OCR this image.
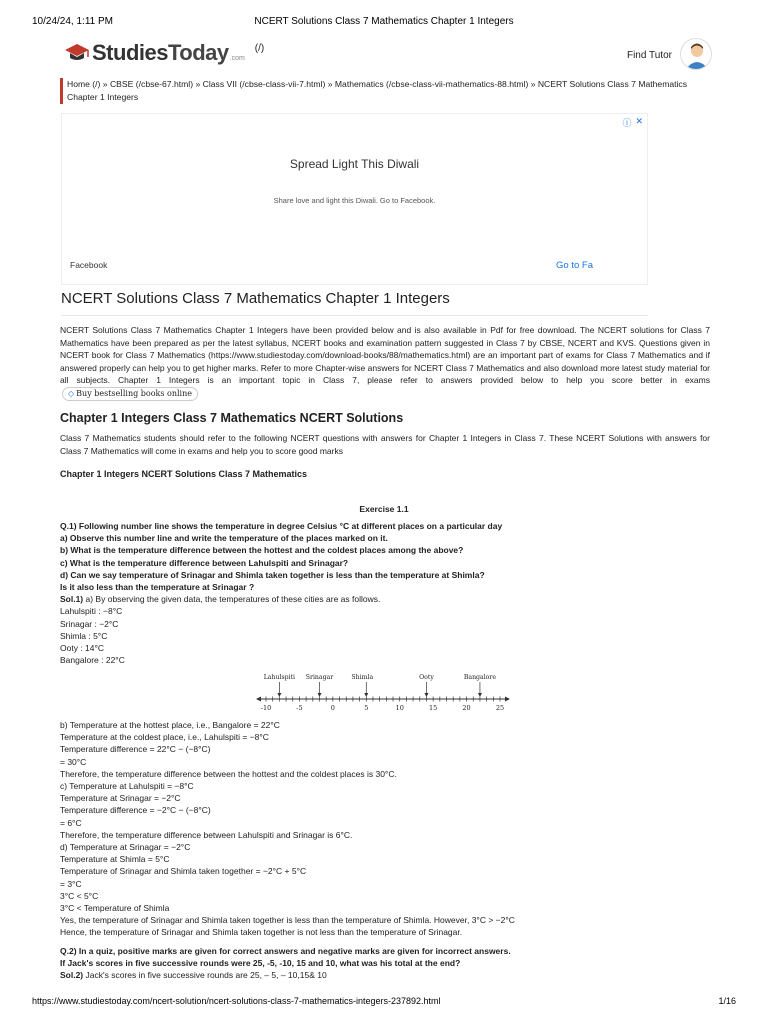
10/24/24, 1:11 PM	NCERT Solutions Class 7 Mathematics Chapter 1 Integers
StudiesToday .com
(/)
Find Tutor
Home (/) » CBSE (/cbse-67.html) » Class VII (/cbse-class-vii-7.html) » Mathematics (/cbse-class-vii-mathematics-88.html) » NCERT Solutions Class 7 Mathematics
Chapter 1 Integers
ⓘ ✕
Spread Light This Diwali
Share love and light this Diwali. Go to Facebook.
Facebook	Go to Fa
NCERT Solutions Class 7 Mathematics Chapter 1 Integers
NCERT Solutions Class 7 Mathematics Chapter 1 Integers have been provided below and is also available in Pdf for free download. The NCERT solutions for Class 7 Mathematics have been prepared as per the latest syllabus, NCERT books and examination pattern suggested in Class 7 by CBSE, NCERT and KVS. Questions given in NCERT book for Class 7 Mathematics (https://www.studiestoday.com/download-books/88/mathematics.html) are an important part of exams for Class 7 Mathematics and if answered properly can help you to get higher marks. Refer to more Chapter-wise answers for NCERT Class 7 Mathematics and also download more latest study material for all subjects. Chapter 1 Integers is an important topic in Class 7, please refer to answers provided below to help you score better in exams ◇ Buy bestselling books online
Chapter 1 Integers Class 7 Mathematics NCERT Solutions

Class 7 Mathematics students should refer to the following NCERT questions with answers for Chapter 1 Integers in Class 7. These NCERT Solutions with answers for Class 7 Mathematics will come in exams and help you to score good marks

Chapter 1 Integers NCERT Solutions Class 7 Mathematics
Exercise 1.1
Q.1) Following number line shows the temperature in degree Celsius °C at different places on a particular day
a) Observe this number line and write the temperature of the places marked on it.
b) What is the temperature difference between the hottest and the coldest places among the above?
c) What is the temperature difference between Lahulspiti and Srinagar?
d) Can we say temperature of Srinagar and Shimla taken together is less than the temperature at Shimla?
Is it also less than the temperature at Srinagar ?
Sol.1) a) By observing the given data, the temperatures of these cities are as follows.
Lahulspiti : −8°C
Srinagar : −2°C
Shimla : 5°C
Ooty : 14°C
Bangalore : 22°C
-10	-5	0	5	10	15	20	25
Lahulspiti Srinagar	Shimla	Ooty	Bangalore
b) Temperature at the hottest place, i.e., Bangalore = 22°C
Temperature at the coldest place, i.e., Lahulspiti = −8°C
Temperature difference = 22°C − (−8°C)
= 30°C
Therefore, the temperature difference between the hottest and the coldest places is 30°C.
c) Temperature at Lahulspiti = −8°C
Temperature at Srinagar = −2°C
Temperature difference = −2°C − (−8°C)
= 6°C
Therefore, the temperature difference between Lahulspiti and Srinagar is 6°C.
d) Temperature at Srinagar = −2°C
Temperature at Shimla = 5°C
Temperature of Srinagar and Shimla taken together = −2°C + 5°C
= 3°C
3°C < 5°C
3°C < Temperature of Shimla
Yes, the temperature of Srinagar and Shimla taken together is less than the temperature of Shimla. However, 3°C > −2°C
Hence, the temperature of Srinagar and Shimla taken together is not less than the temperature of Srinagar.
Q.2) In a quiz, positive marks are given for correct answers and negative marks are given for incorrect answers.
If Jack's scores in five successive rounds were 25, -5, -10, 15 and 10, what was his total at the end?
Sol.2) Jack's scores in five successive rounds are 25, – 5, – 10,15& 10
https://www.studiestoday.com/ncert-solution/ncert-solutions-class-7-mathematics-integers-237892.html	1/16
